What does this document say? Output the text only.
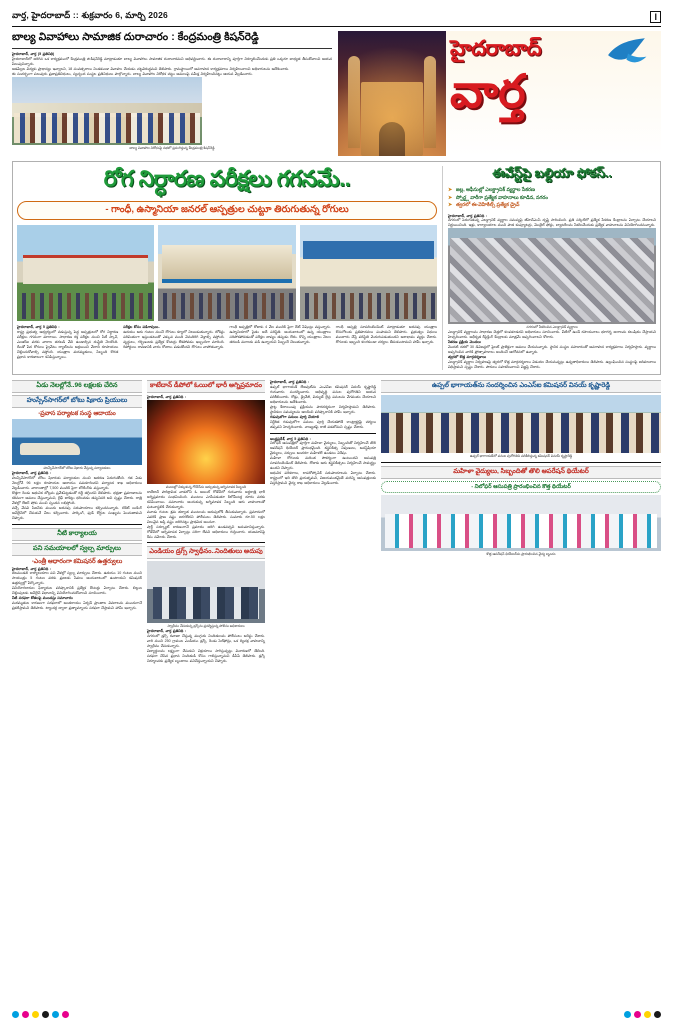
వార్త, హైదరాబాద్ :: శుక్రవారం 6, మార్చి 2026	I
బాల్య వివాహాలు సామాజిక దురాచారం : కేంద్రమంత్రి కిషన్‌రెడ్డి
హైదరాబాద్, వార్త (5 ప్రతినిధి)
హైదరాబాద్‌లో జరిగిన ఒక కార్యక్రమంలో కేంద్రమంత్రి జి.కిషన్‌రెడ్డి మాట్లాడుతూ బాల్య వివాహాలు సామాజిక దురాచారమని అభివర్ణించారు. ఈ దురాచారాన్ని పూర్తిగా నిర్మూలించేందుకు ప్రతి ఒక్కరూ బాధ్యత తీసుకోవాలని ఆయన పిలుపునిచ్చారు.
ఆడపిల్లల విద్యకు ప్రాధాన్యం ఇవ్వాలని, 18 సంవత్సరాలు నిండకుండా వివాహం చేయడం చట్టవిరుద్ధమని తెలిపారు. గ్రామస్థాయిలో అవగాహన కార్యక్రమాలు నిర్వహించాలని అధికారులను ఆదేశించారు.
ఈ సందర్భంగా పలువురు ప్రజాప్రతినిధులు, స్వచ్ఛంద సంస్థల ప్రతినిధులు పాల్గొన్నారు. బాల్య వివాహాల నిరోధక చట్టం అమలుపై సమీక్ష నిర్వహించినట్లు ఆయన వెల్లడించారు.
బాల్య వివాహాల నిరోధంపై సభలో ప్రసంగిస్తున్న కేంద్రమంత్రి కిషన్‌రెడ్డి
హైదరాబాద్
వార్త
రోగ నిర్ధారణ పరీక్షలు గగనమే..
- గాంధీ, ఉస్మానియా జనరల్ ఆస్పత్రుల చుట్టూ తిరుగుతున్న రోగులు
హైదరాబాద్, వార్త 5 ప్రతినిధి :
రాష్ట్ర ప్రభుత్వ ఆధ్వర్యంలో నడుస్తున్న పెద్ద ఆస్పత్రులలో రోగ నిర్ధారణ పరీక్షలు గగనంగా మారాయి. సాధారణ రక్త పరీక్షల నుంచి సీటీ స్కాన్, ఎంఆర్‌ఐ వరకు వారాల తరబడి వేచి ఉండాల్సిన దుస్థితి నెలకొంది. దీంతో పేద రోగులు ప్రైవేటు ల్యాబ్‌లను ఆశ్రయించి వేలాది రూపాయలు చెల్లించుకోవాల్సి వస్తోంది. యంత్రాల మరమ్మతులు, సిబ్బంది కొరత ప్రధాన కారణాలుగా కనిపిస్తున్నాయి.
పరీక్షల కోసం పడిగాపులు..
ఉదయం ఆరు గంటల నుంచే రోగులు క్యూలో నిలబడుతున్నారు. టోకెన్లు పరిమితంగా ఇస్తుండటంతో ఎక్కువ మంది వెనుదిరిగి వెళ్లాల్సి వస్తోంది. వృద్ధులు, గర్భిణులకు ప్రత్యేక కౌంటర్లు లేకపోవడం ఇబ్బందిగా మారింది. రిపోర్టులు రావడానికి వారం రోజులు పడుతోందని రోగులు వాపోతున్నారు.
గాంధీ ఆస్పత్రిలో రోజుకు 4 వేల మందికి పైగా ఔట్ పేషెంట్లు వస్తున్నారు. ఉస్మానియాలో సైతం అదే పరిస్థితి. అందుబాటులో ఉన్న యంత్రాలు సరిపోకపోవడంతో పరీక్షల జాప్యం తప్పడం లేదు. కొన్ని యంత్రాలు నెలల తరబడి మూలకు పడి ఉన్నాయని సిబ్బందే చెబుతున్నారు.
గాంధీ ఆస్పత్రి సూపరింటెండెంట్ మాట్లాడుతూ అదనపు యంత్రాల కొనుగోలుకు ప్రతిపాదనలు పంపామని తెలిపారు. ప్రభుత్వం నిధులు మంజూరు చేస్తే పరిస్థితి మెరుగుపడుతుందని ఆశాభావం వ్యక్తం చేశారు. రోగులకు ఇబ్బంది కలగకుండా చర్యలు తీసుకుంటామని హామీ ఇచ్చారు.
ఈవేస్ట్‌పై బల్దియా ఫోకస్..
➤ జల్ల, ఆఫీసుల్లో ఎలక్ట్రానిక్ వ్యర్థాల సేకరణ
➤ స్పోర్ట్ల వారీగా ప్రత్యేక వాహనాలు కూడిన, నగరం
➤ త్వరలో ఈ-వెహికిల్స్ ప్రత్యేక డ్రైవ్
హైదరాబాద్, వార్త ప్రతినిధి :
నగరంలో పెరుగుతున్న ఎలక్ట్రానిక్ వ్యర్థాల సమస్యపై జీహెచ్ఎంసీ దృష్టి సారించింది. ప్రతి సర్కిల్‌లో ప్రత్యేక సేకరణ కేంద్రాలను ఏర్పాటు చేయాలని నిర్ణయించింది. ఇళ్లు, కార్యాలయాల నుంచి పాత కంప్యూటర్లు, మొబైల్ ఫోన్లు, బ్యాటరీలను సేకరించేందుకు ప్రత్యేక వాహనాలను వినియోగించనున్నారు.
నగరంలో సేకరించిన ఎలక్ట్రానిక్ వ్యర్థాలు
ఎలక్ట్రానిక్ వ్యర్థాలను సాధారణ చెత్తలో కలపకూడదని అధికారులు సూచించారు. వీటిలో ఉండే రసాయనాలు భూగర్భ జలాలను కలుషితం చేస్తాయని హెచ్చరించారు. అధీకృత రీసైక్లింగ్ కేంద్రాలకు మాత్రమే అప్పగించాలని కోరారు.
సేకరణ ప్రక్రియ మొదలు
మొదటి దశలో 30 డివిజన్లలో పైలట్ ప్రాజెక్టుగా అమలు చేయనున్నారు. స్థానిక సంస్థల సహకారంతో అవగాహన కార్యక్రమాలు నిర్వహిస్తారు. వ్యర్థాలు అప్పగించిన వారికి ప్రోత్సాహకాలు అందించే ఆలోచనలో ఉన్నారు.
త్వరలో కొత్త మార్గదర్శకాలు
ఎలక్ట్రానిక్ వ్యర్థాల నిర్వహణపై త్వరలో కొత్త మార్గదర్శకాలు విడుదల చేయనున్నట్లు ఉన్నతాధికారులు తెలిపారు. ఉల్లంఘించిన సంస్థలపై జరిమానాలు విధిస్తామని స్పష్టం చేశారు. పౌరులు సహకరించాలని విజ్ఞప్తి చేశారు.
ఏడు నెలల్లోనే..96 లక్షలకు చేరిన
హుస్సేన్‌సాగర్‌లో బోటు షికారు ప్రియులు
-ప్రవాస పర్యాటక సంస్థ ఆదాయం
హుస్సేన్‌సాగర్‌లో బోటు షికారు చేస్తున్న పర్యాటకులు
హైదరాబాద్, వార్త ప్రతినిధి :
హుస్సేన్‌సాగర్‌లో బోటు షికారుకు పర్యాటకుల నుంచి ఆదరణ పెరుగుతోంది. గత ఏడు నెలల్లోనే 96 లక్షల రూపాయల ఆదాయం సమకూరిందని పర్యాటక శాఖ అధికారులు వెల్లడించారు. వారాంతాల్లో 7,500 మందికి పైగా బోటింగ్‌కు వస్తున్నారు.
కొత్తగా రెండు ఆధునిక బోట్లను ప్రవేశపెట్టడంతో రద్దీ తగ్గిందని తెలిపారు. భద్రతా ప్రమాణాలను కఠినంగా అమలు చేస్తున్నామని, లైఫ్ జాకెట్లు ధరించడం తప్పనిసరి అని స్పష్టం చేశారు. రాత్రి వేళల్లో లేజర్ షోకు మంచి స్పందన లభిస్తోంది.
వచ్చే వేసవి సీజన్‌కు ముందు అదనపు సదుపాయాలు కల్పించనున్నారు. టికెట్ బుకింగ్ ఆన్‌లైన్‌లో చేసుకునే వీలు కల్పించారు. పార్కింగ్, ఫుడ్ కోర్టుల సంఖ్యను పెంచుతామని చెప్పారు.
నీటి కార్యాలయ
పని సమయాలలో స్వల్ప మార్పులు
-ఎంత్రీ ఆధారంగా కమిషనర్ ఉత్తర్వులు
హైదరాబాద్, వార్త ప్రతినిధి :
జలమండలి కార్యాలయాల పని వేళల్లో స్వల్ప మార్పులు చేశారు. ఉదయం 10 గంటల నుంచి సాయంత్రం 5 గంటల వరకు ప్రజలకు సేవలు అందుబాటులో ఉంటాయని కమిషనర్ ఉత్తర్వుల్లో పేర్కొన్నారు.
వినియోగదారుల ఫిర్యాదుల పరిష్కారానికి ప్రత్యేక కౌంటర్లు ఏర్పాటు చేశారు. బిల్లుల చెల్లింపులకు ఆన్‌లైన్ విధానాన్ని వినియోగించుకోవాలని సూచించారు.
నీటి సరఫరా కోతలపై ముందస్తు సమాచారం
మరమ్మతుల కారణంగా సరఫరాలో అంతరాయం ఏర్పడే ప్రాంతాల వివరాలను ముందుగానే ప్రకటిస్తామని తెలిపారు. ట్యాంకర్ల ద్వారా ప్రత్యామ్నాయ సరఫరా చేస్తామని హామీ ఇచ్చారు.
కాటేదాన్ డీపోలో ఓయిలో భారీ అగ్నిప్రమాదం
హైదరాబాద్, వార్త ప్రతినిధి :
మంటల్లో చిక్కుకున్న గోడౌన్‌ను ఆర్పుతున్న అగ్నిమాపక సిబ్బంది
కాటేదాన్ పారిశ్రామిక వాడలోని ఓ ఆయిల్ గోడౌన్‌లో గురువారం అర్ధరాత్రి భారీ అగ్నిప్రమాదం సంభవించింది. మంటలు ఎగసిపడుతూ కిలోమీటర్ల దూరం వరకు కనిపించాయి. సమాచారం అందుకున్న అగ్నిమాపక సిబ్బంది ఆరు వాహనాలతో ఘటనాస్థలికి చేరుకున్నారు.
మూడు గంటల శ్రమ తర్వాత మంటలను అదుపులోకి తీసుకువచ్చారు. ప్రమాదంలో ఎవరికీ ప్రాణ నష్టం జరగలేదని పోలీసులు తెలిపారు. సుమారు రూ.50 లక్షల విలువైన ఆస్తి నష్టం జరిగినట్లు ప్రాథమిక అంచనా.
షార్ట్ సర్క్యూట్ కారణంగానే ప్రమాదం జరిగి ఉండవచ్చని అనుమానిస్తున్నారు. గోడౌన్‌లో అగ్నిమాపక ఏర్పాట్లు సరిగా లేవని అధికారులు గుర్తించారు. యజమానిపై కేసు నమోదు చేశారు.
ఎండియం డ్రగ్స్ స్వాధీనం..నింది‌తులు అదుపు
స్వాధీనం చేసుకున్న డ్రగ్స్‌ను ప్రదర్శిస్తున్న పోలీసు అధికారులు
హైదరాబాద్, వార్త ప్రతినిధి :
నగరంలో డ్రగ్స్ రవాణా చేస్తున్న ముగ్గురు నిందితులను పోలీసులు అరెస్టు చేశారు. వారి నుంచి 250 గ్రాముల ఎండియం డ్రగ్స్, రెండు సెల్‌ఫోన్లు, ఒక ద్విచక్ర వాహనాన్ని స్వాధీనం చేసుకున్నారు.
విద్యార్థులను లక్ష్యంగా చేసుకుని విక్రయాలు సాగిస్తున్నట్లు విచారణలో తేలింది. సరఫరా చేసిన ప్రధాన నిందితుడి కోసం గాలిస్తున్నామని డీసీపీ తెలిపారు. డ్రగ్స్ నిర్మూలనకు ప్రత్యేక బృందాలు పనిచేస్తున్నాయని చెప్పారు.
హైదరాబాద్, వార్త ప్రతినిధి :
ఉప్పల్ భాగాయత్ లేఅవుట్‌ను ఎంఎస్ఐ కమిషనర్ వినయ్ కృష్ణారెడ్డి గురువారం సందర్శించారు. అభివృద్ధి పనుల పురోగతిని ఆయన పరిశీలించారు. రోడ్లు, డ్రైనేజీ, విద్యుత్ లైన్ల పనులను వేగవంతం చేయాలని అధికారులను ఆదేశించారు.
ప్లాట్ల కేటాయింపు ప్రక్రియను పారదర్శకంగా నిర్వహిస్తామని తెలిపారు. స్థానికుల సమస్యలను ఆలకించి పరిష్కారానికి హామీ ఇచ్చారు.
గడువులోగా పనులు పూర్తి చేయాలి
నిర్దేశిత గడువులోగా పనులు పూర్తి చేయకపోతే కాంట్రాక్టర్లపై చర్యలు తప్పవని హెచ్చరించారు. నాణ్యతపై రాజీ పడబోమని స్పష్టం చేశారు.
ఆంధ్రప్రదేశ్, వార్త 5 ప్రతినిధి :
నిలోఫర్ ఆసుపత్రిలో పూర్తిగా మహిళా వైద్యులు, సిబ్బందితో నిర్వహించే తొలి ఆపరేషన్ థియేటర్ ప్రారంభమైంది. శస్త్రచికిత్స నిపుణులు, అనస్థీషియా వైద్యులు, నర్సులు అందరూ మహిళలే ఉండటం విశేషం.
మహిళా రోగులకు మరింత సౌకర్యంగా ఉంటుందని ఆసుపత్రి సూపరింటెండెంట్ తెలిపారు. రోజుకు ఆరు శస్త్రచికిత్సలు నిర్వహించే సామర్థ్యం ఉందని చెప్పారు.
ఆధునిక పరికరాలు, లాపరోస్కోపిక్ సదుపాయాలను ఏర్పాటు చేశారు. రాష్ట్రంలో ఇది తొలి ప్రయత్నమని, విజయవంతమైతే మరిన్ని ఆసుపత్రులకు విస్తరిస్తామని వైద్య శాఖ అధికారులు వెల్లడించారు.
ఉప్పల్ భాగాయత్‌ను సందర్శించిన ఎంఎస్ఐ కమిషనర్ వినయ్ కృష్ణారెడ్డి
ఉప్పల్ భాగాయత్‌లో పనుల పురోగతిని పరిశీలిస్తున్న కమిషనర్ వినయ్ కృష్ణారెడ్డి
మహిళా వైద్యులు, సిబ్బందితో తొలి ఆపరేషన్ థియేటర్
- నిలోఫర్ ఆసుపత్రి ప్రారంభించిన కొత్త థియేటర్
కొత్త ఆపరేషన్ థియేటర్‌ను ప్రారంభించిన వైద్య బృందం
